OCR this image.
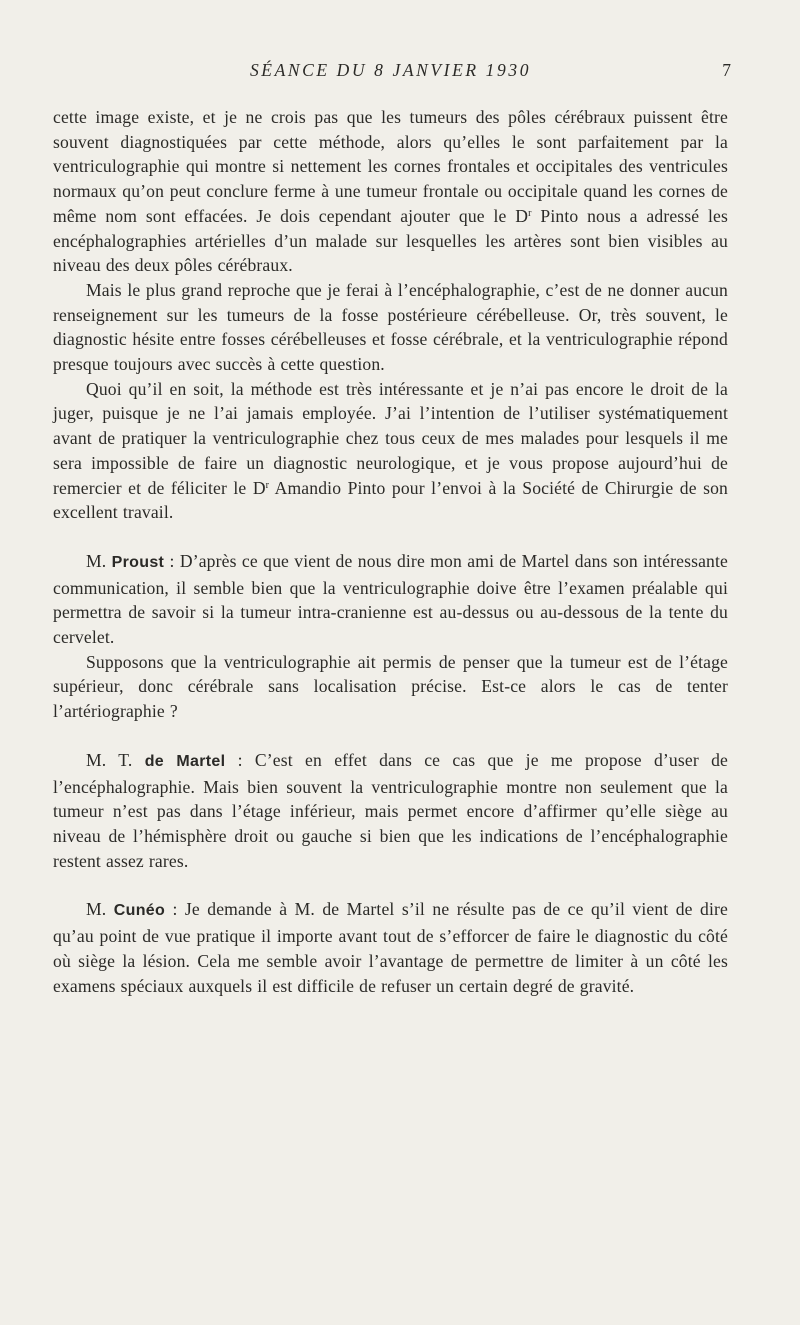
SÉANCE DU 8 JANVIER 1930	7

cette image existe, et je ne crois pas que les tumeurs des pôles cérébraux puissent être souvent diagnostiquées par cette méthode, alors qu’elles le sont parfaitement par la ventriculographie qui montre si nettement les cornes frontales et occipitales des ventricules normaux qu’on peut conclure ferme à une tumeur frontale ou occipitale quand les cornes de même nom sont effacées. Je dois cependant ajouter que le $D^r$ Pinto nous a adressé les encéphalographies artérielles d’un malade sur lesquelles les artères sont bien visibles au niveau des deux pôles cérébraux.

Mais le plus grand reproche que je ferai à l’encéphalographie, c’est de ne donner aucun renseignement sur les tumeurs de la fosse postérieure cérébelleuse. Or, très souvent, le diagnostic hésite entre fosses cérébelleuses et fosse cérébrale, et la ventriculographie répond presque toujours avec succès à cette question.

Quoi qu’il en soit, la méthode est très intéressante et je n’ai pas encore le droit de la juger, puisque je ne l’ai jamais employée. J’ai l’intention de l’utiliser systématiquement avant de pratiquer la ventriculographie chez tous ceux de mes malades pour lesquels il me sera impossible de faire un diagnostic neurologique, et je vous propose aujourd’hui de remercier et de féliciter le $D^r$ Amandio Pinto pour l’envoi à la Société de Chirurgie de son excellent travail.

M. Proust : D’après ce que vient de nous dire mon ami de Martel dans son intéressante communication, il semble bien que la ventriculographie doive être l’examen préalable qui permettra de savoir si la tumeur intra-cranienne est au-dessus ou au-dessous de la tente du cervelet.

Supposons que la ventriculographie ait permis de penser que la tumeur est de l’étage supérieur, donc cérébrale sans localisation précise. Est-ce alors le cas de tenter l’artériographie ?

M. T. de Martel : C’est en effet dans ce cas que je me propose d’user de l’encéphalographie. Mais bien souvent la ventriculographie montre non seulement que la tumeur n’est pas dans l’étage inférieur, mais permet encore d’affirmer qu’elle siège au niveau de l’hémisphère droit ou gauche si bien que les indications de l’encéphalographie restent assez rares.

M. Cunéo : Je demande à M. de Martel s’il ne résulte pas de ce qu’il vient de dire qu’au point de vue pratique il importe avant tout de s’efforcer de faire le diagnostic du côté où siège la lésion. Cela me semble avoir l’avantage de permettre de limiter à un côté les examens spéciaux auxquels il est difficile de refuser un certain degré de gravité.
